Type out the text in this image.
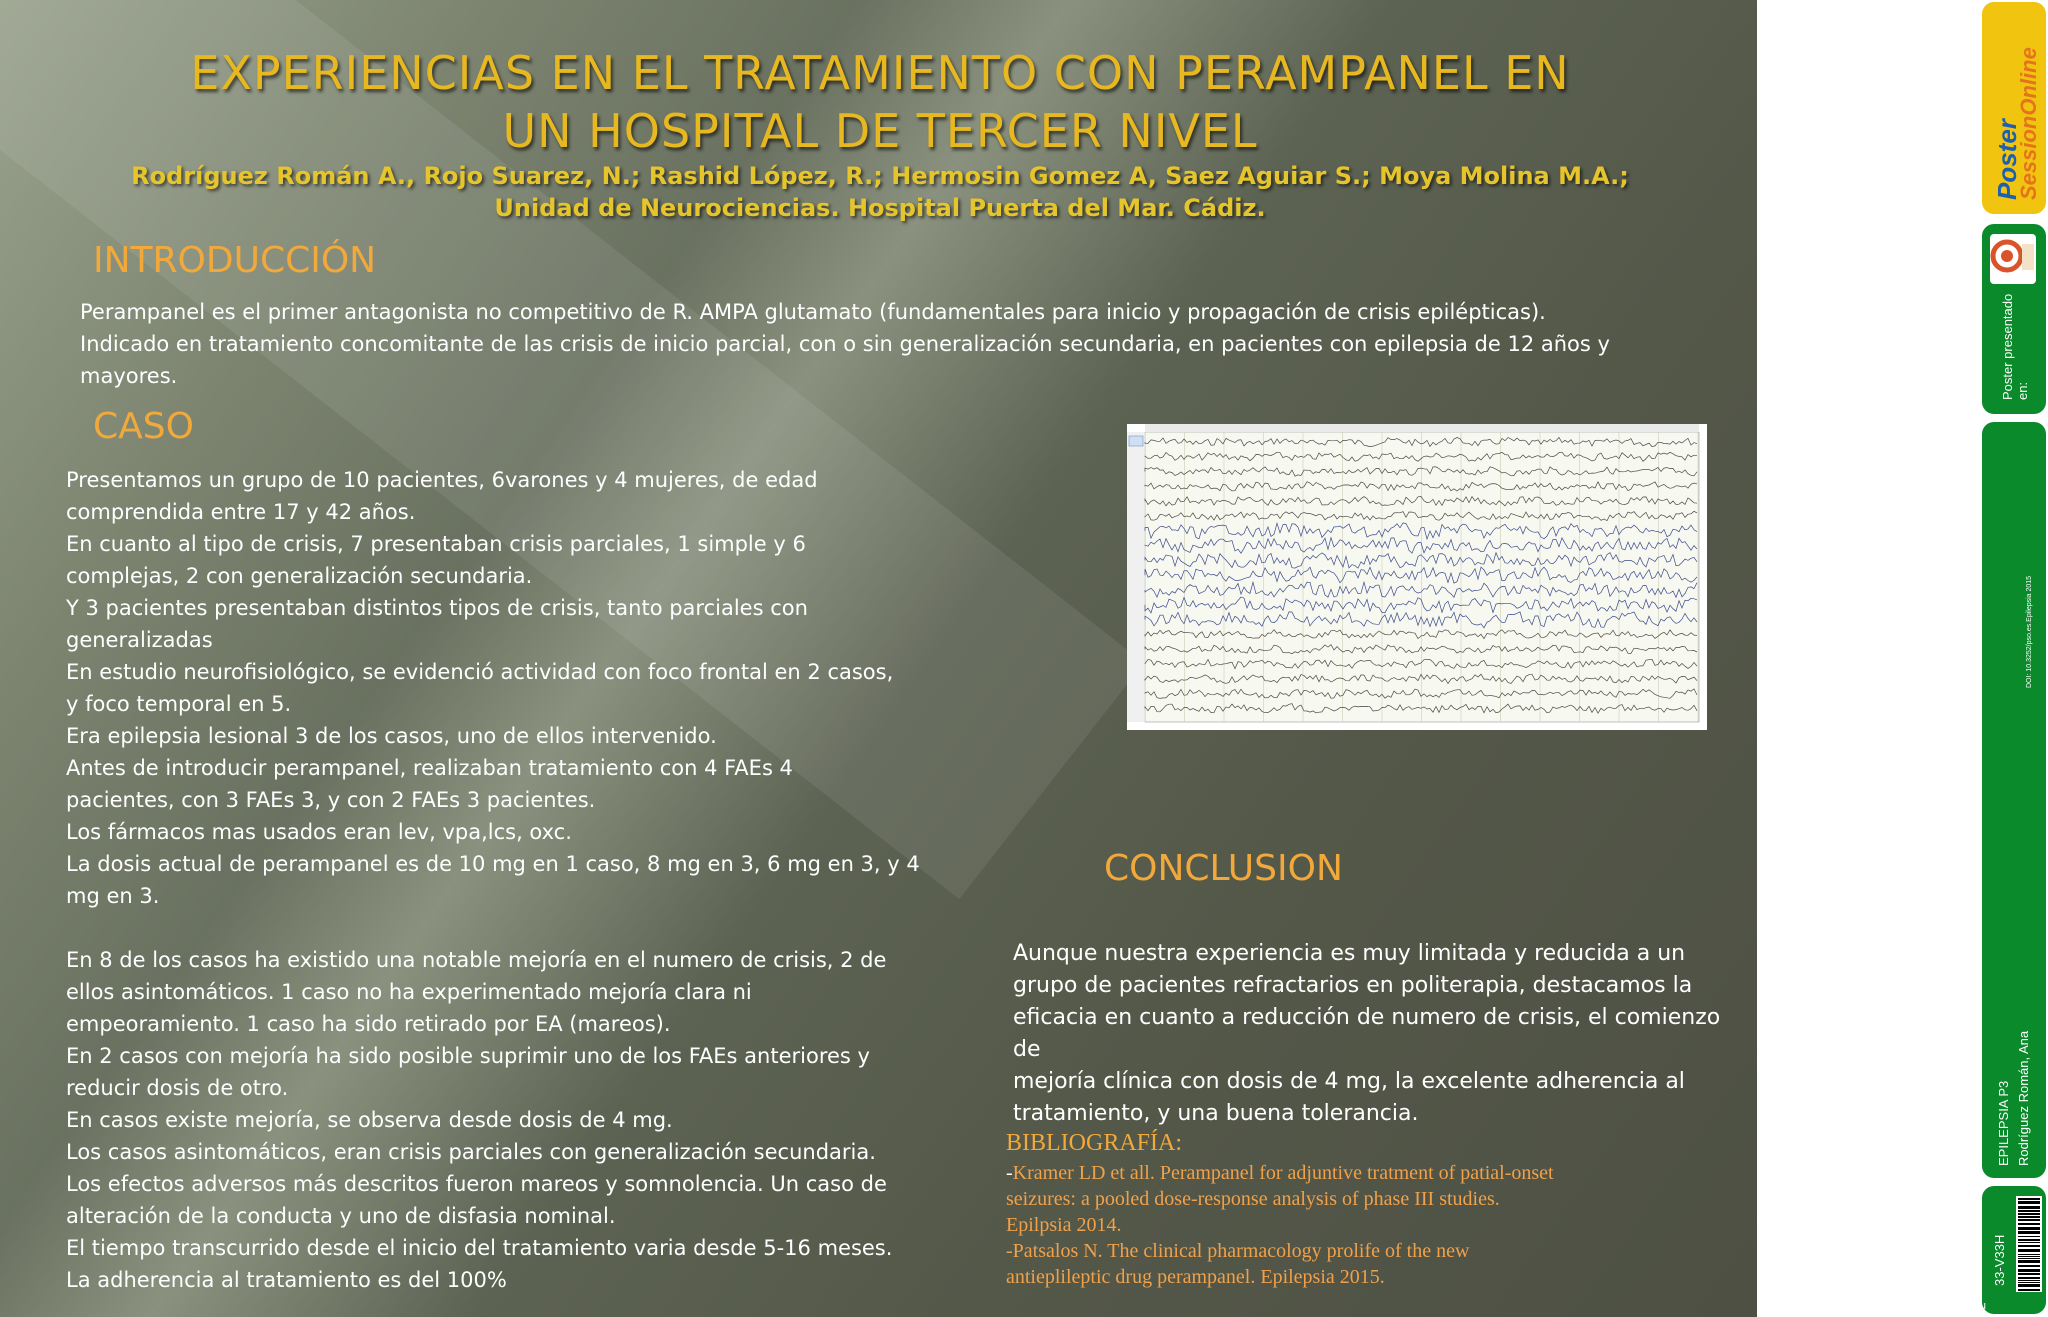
EXPERIENCIAS EN EL TRATAMIENTO CON PERAMPANEL EN
UN HOSPITAL DE TERCER NIVEL
Rodríguez Román A., Rojo Suarez, N.; Rashid López, R.; Hermosin Gomez A, Saez Aguiar S.; Moya Molina M.A.;
Unidad de Neurociencias. Hospital Puerta del Mar. Cádiz.
INTRODUCCIÓN

Perampanel es el primer antagonista no competitivo de R. AMPA glutamato (fundamentales para inicio y propagación de crisis epilépticas).

Indicado en tratamiento concomitante de las crisis de inicio parcial, con o sin generalización secundaria, en pacientes con epilepsia de 12 años y

mayores.

CASO

Presentamos un grupo de 10 pacientes, 6varones y 4 mujeres, de edad

comprendida entre 17 y 42 años.

En cuanto al tipo de crisis, 7 presentaban crisis parciales, 1 simple y 6

complejas, 2 con generalización secundaria.

Y 3 pacientes presentaban distintos tipos de crisis, tanto parciales con

generalizadas

En estudio neurofisiológico, se evidenció actividad con foco frontal en 2 casos,

y foco temporal en 5.

Era epilepsia lesional 3 de los casos, uno de ellos intervenido.

Antes de introducir perampanel, realizaban tratamiento con 4 FAEs 4

pacientes, con 3 FAEs 3, y con 2 FAEs 3 pacientes.

Los fármacos mas usados eran lev, vpa,lcs, oxc.

La dosis actual de perampanel es de 10 mg en 1 caso, 8 mg en 3, 6 mg en 3, y 4

mg en 3.

En 8 de los casos ha existido una notable mejoría en el numero de crisis, 2 de

ellos asintomáticos. 1 caso no ha experimentado mejoría clara ni

empeoramiento. 1 caso ha sido retirado por EA (mareos).

En 2 casos con mejoría ha sido posible suprimir uno de los FAEs anteriores y

reducir dosis de otro.

En casos existe mejoría, se observa desde dosis de 4 mg.

Los casos asintomáticos, eran crisis parciales con generalización secundaria.

Los efectos adversos más descritos fueron mareos y somnolencia. Un caso de

alteración de la conducta y uno de disfasia nominal.

El tiempo transcurrido desde el inicio del tratamiento varia desde 5-16 meses.

La adherencia al tratamiento es del 100%

CONCLUSION

Aunque nuestra experiencia es muy limitada y reducida a un

grupo de pacientes refractarios en politerapia, destacamos la

eficacia en cuanto a reducción de numero de crisis, el comienzo de

mejoría clínica con dosis de 4 mg, la excelente adherencia al

tratamiento, y una buena tolerancia.

BIBLIOGRAFÍA:

-Kramer LD et all. Perampanel for adjuntive tratment of patial-onset

seizures: a pooled dose-response analysis of phase III studies.

Epilpsia 2014.

-Patsalos N. The clinical pharmacology prolife of the new

antieplileptic drug perampanel. Epilepsia 2015.

Poster
SessionOnline
Poster presentado en:
DOI: 10.3252/pso.es.Epilepsia 2015
EPILEPSIA P3 Rodríguez Román, Ana
33-V33H
neosatd
